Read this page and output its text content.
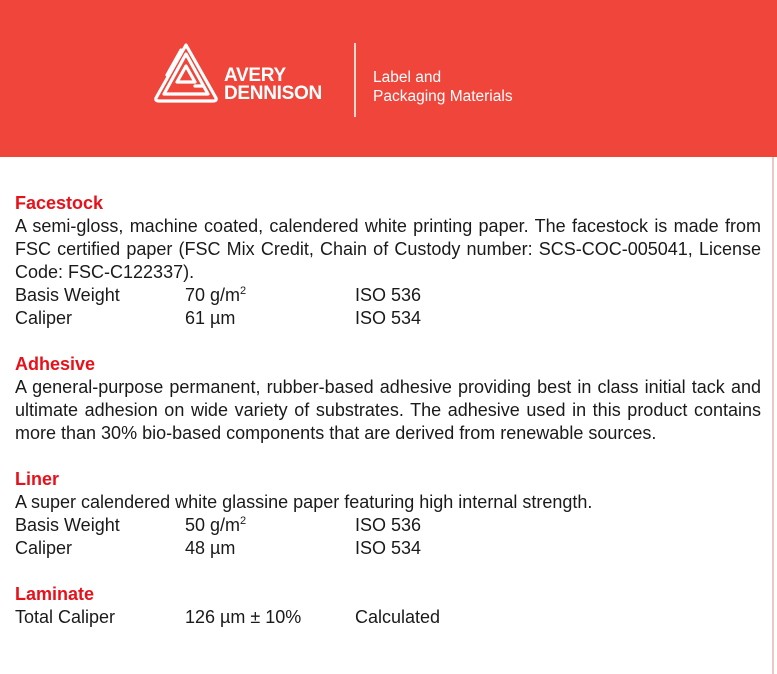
AVERY
DENNISON
Label and
Packaging Materials
Facestock
A semi-gloss, machine coated, calendered white printing paper. The facestock is made from FSC certified paper (FSC Mix Credit, Chain of Custody number: SCS-COC-005041, License Code: FSC-C122337).
Basis Weight	70 $g/m^2$	ISO 536
Caliper	61 µm	ISO 534
Adhesive
A general-purpose permanent, rubber-based adhesive providing best in class initial tack and ultimate adhesion on wide variety of substrates. The adhesive used in this product contains more than 30% bio-based components that are derived from renewable sources.
Liner
A super calendered white glassine paper featuring high internal strength.
Basis Weight	50 $g/m^2$	ISO 536
Caliper	48 µm	ISO 534
Laminate
Total Caliper	126 µm ± 10%	Calculated
